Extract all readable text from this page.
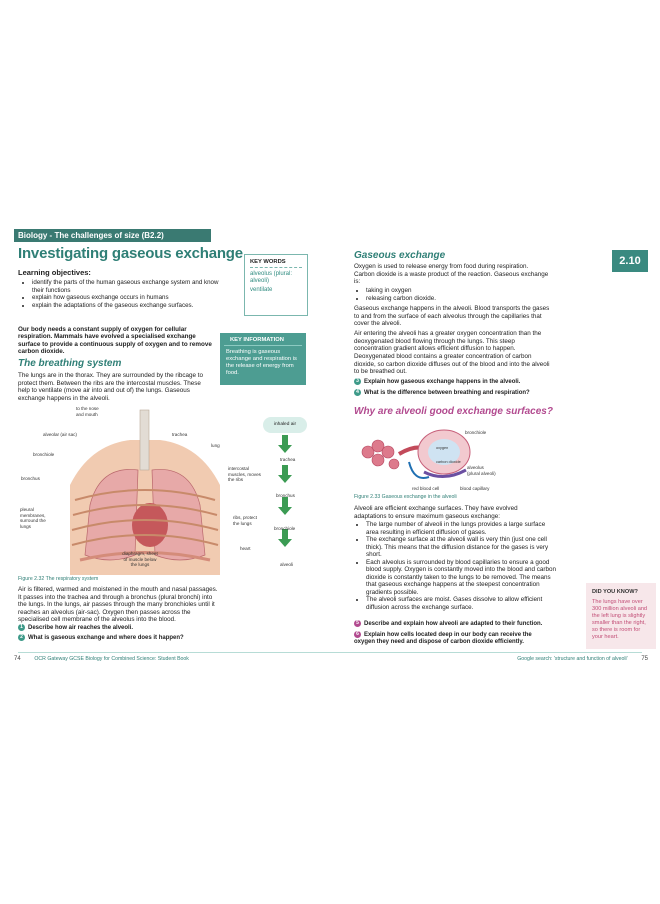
Biology - The challenges of size (B2.2)
Investigating gaseous exchange	2.10
Learning objectives:
• identify the parts of the human gaseous exchange system and know their functions
• explain how gaseous exchange occurs in humans
• explain the adaptations of the gaseous exchange surfaces.
KEY WORDS
alveolus (plural: alveoli)
ventilate
Our body needs a constant supply of oxygen for cellular respiration. Mammals have evolved a specialised exchange surface to provide a continuous supply of oxygen and to remove carbon dioxide.
KEY INFORMATION
Breathing is gaseous exchange and respiration is the release of energy from food.
The breathing system
The lungs are in the thorax. They are surrounded by the ribcage to protect them. Between the ribs are the intercostal muscles. These help to ventilate (move air into and out of) the lungs. Gaseous exchange happens in the alveoli.
to the nose and mouth
alveolar (air sac)	trachea
lung
bronchiole
intercostal muscles, moves the ribs
bronchus
pleural membranes, surround the lungs
ribs, protect the lungs
heart
diaphragm, sheet of muscle below the lungs
inhaled air
trachea
bronchus
bronchiole
alveoli
Figure 2.32 The respiratory system
Air is filtered, warmed and moistened in the mouth and nasal passages. It passes into the trachea and through a bronchus (plural bronchi) into the lungs. In the lungs, air passes through the many bronchioles until it reaches an alveolus (air-sac). Oxygen then passes across the specialised cell membrane of the alveolus into the blood.
1 Describe how air reaches the alveoli.
2 What is gaseous exchange and where does it happen?
Gaseous exchange
Oxygen is used to release energy from food during respiration. Carbon dioxide is a waste product of the reaction. Gaseous exchange is:
• taking in oxygen
• releasing carbon dioxide.
Gaseous exchange happens in the alveoli. Blood transports the gases to and from the surface of each alveolus through the capillaries that cover the alveoli.
Air entering the alveoli has a greater oxygen concentration than the deoxygenated blood flowing through the lungs. This steep concentration gradient allows efficient diffusion to happen.
Deoxygenated blood contains a greater concentration of carbon dioxide, so carbon dioxide diffuses out of the blood and into the alveoli to be breathed out.
3 Explain how gaseous exchange happens in the alveoli.
4 What is the difference between breathing and respiration?
Why are alveoli good exchange surfaces?
bronchiole
alveolus (plural alveoli)
red blood cell	blood capillary
oxygen
carbon dioxide
Figure 2.33 Gaseous exchange in the alveoli
Alveoli are efficient exchange surfaces. They have evolved adaptations to ensure maximum gaseous exchange:
• The large number of alveoli in the lungs provides a large surface area resulting in efficient diffusion of gases.
• The exchange surface at the alveoli wall is very thin (just one cell thick). This means that the diffusion distance for the gases is very short.
• Each alveolus is surrounded by blood capillaries to ensure a good blood supply. Oxygen is constantly moved into the blood and carbon dioxide is constantly taken to the lungs to be removed. The means that gaseous exchange happens at the steepest concentration gradients possible.
• The alveoli surfaces are moist. Gases dissolve to allow efficient diffusion across the exchange surface.
5 Describe and explain how alveoli are adapted to their function.
6 Explain how cells located deep in our body can receive the oxygen they need and dispose of carbon dioxide efficiently.
DID YOU KNOW?
The lungs have over 300 million alveoli and the left lung is slightly smaller than the right, so there is room for your heart.
74	OCR Gateway GCSE Biology for Combined Science: Student Book	Google search: 'structure and function of alveoli' 75
